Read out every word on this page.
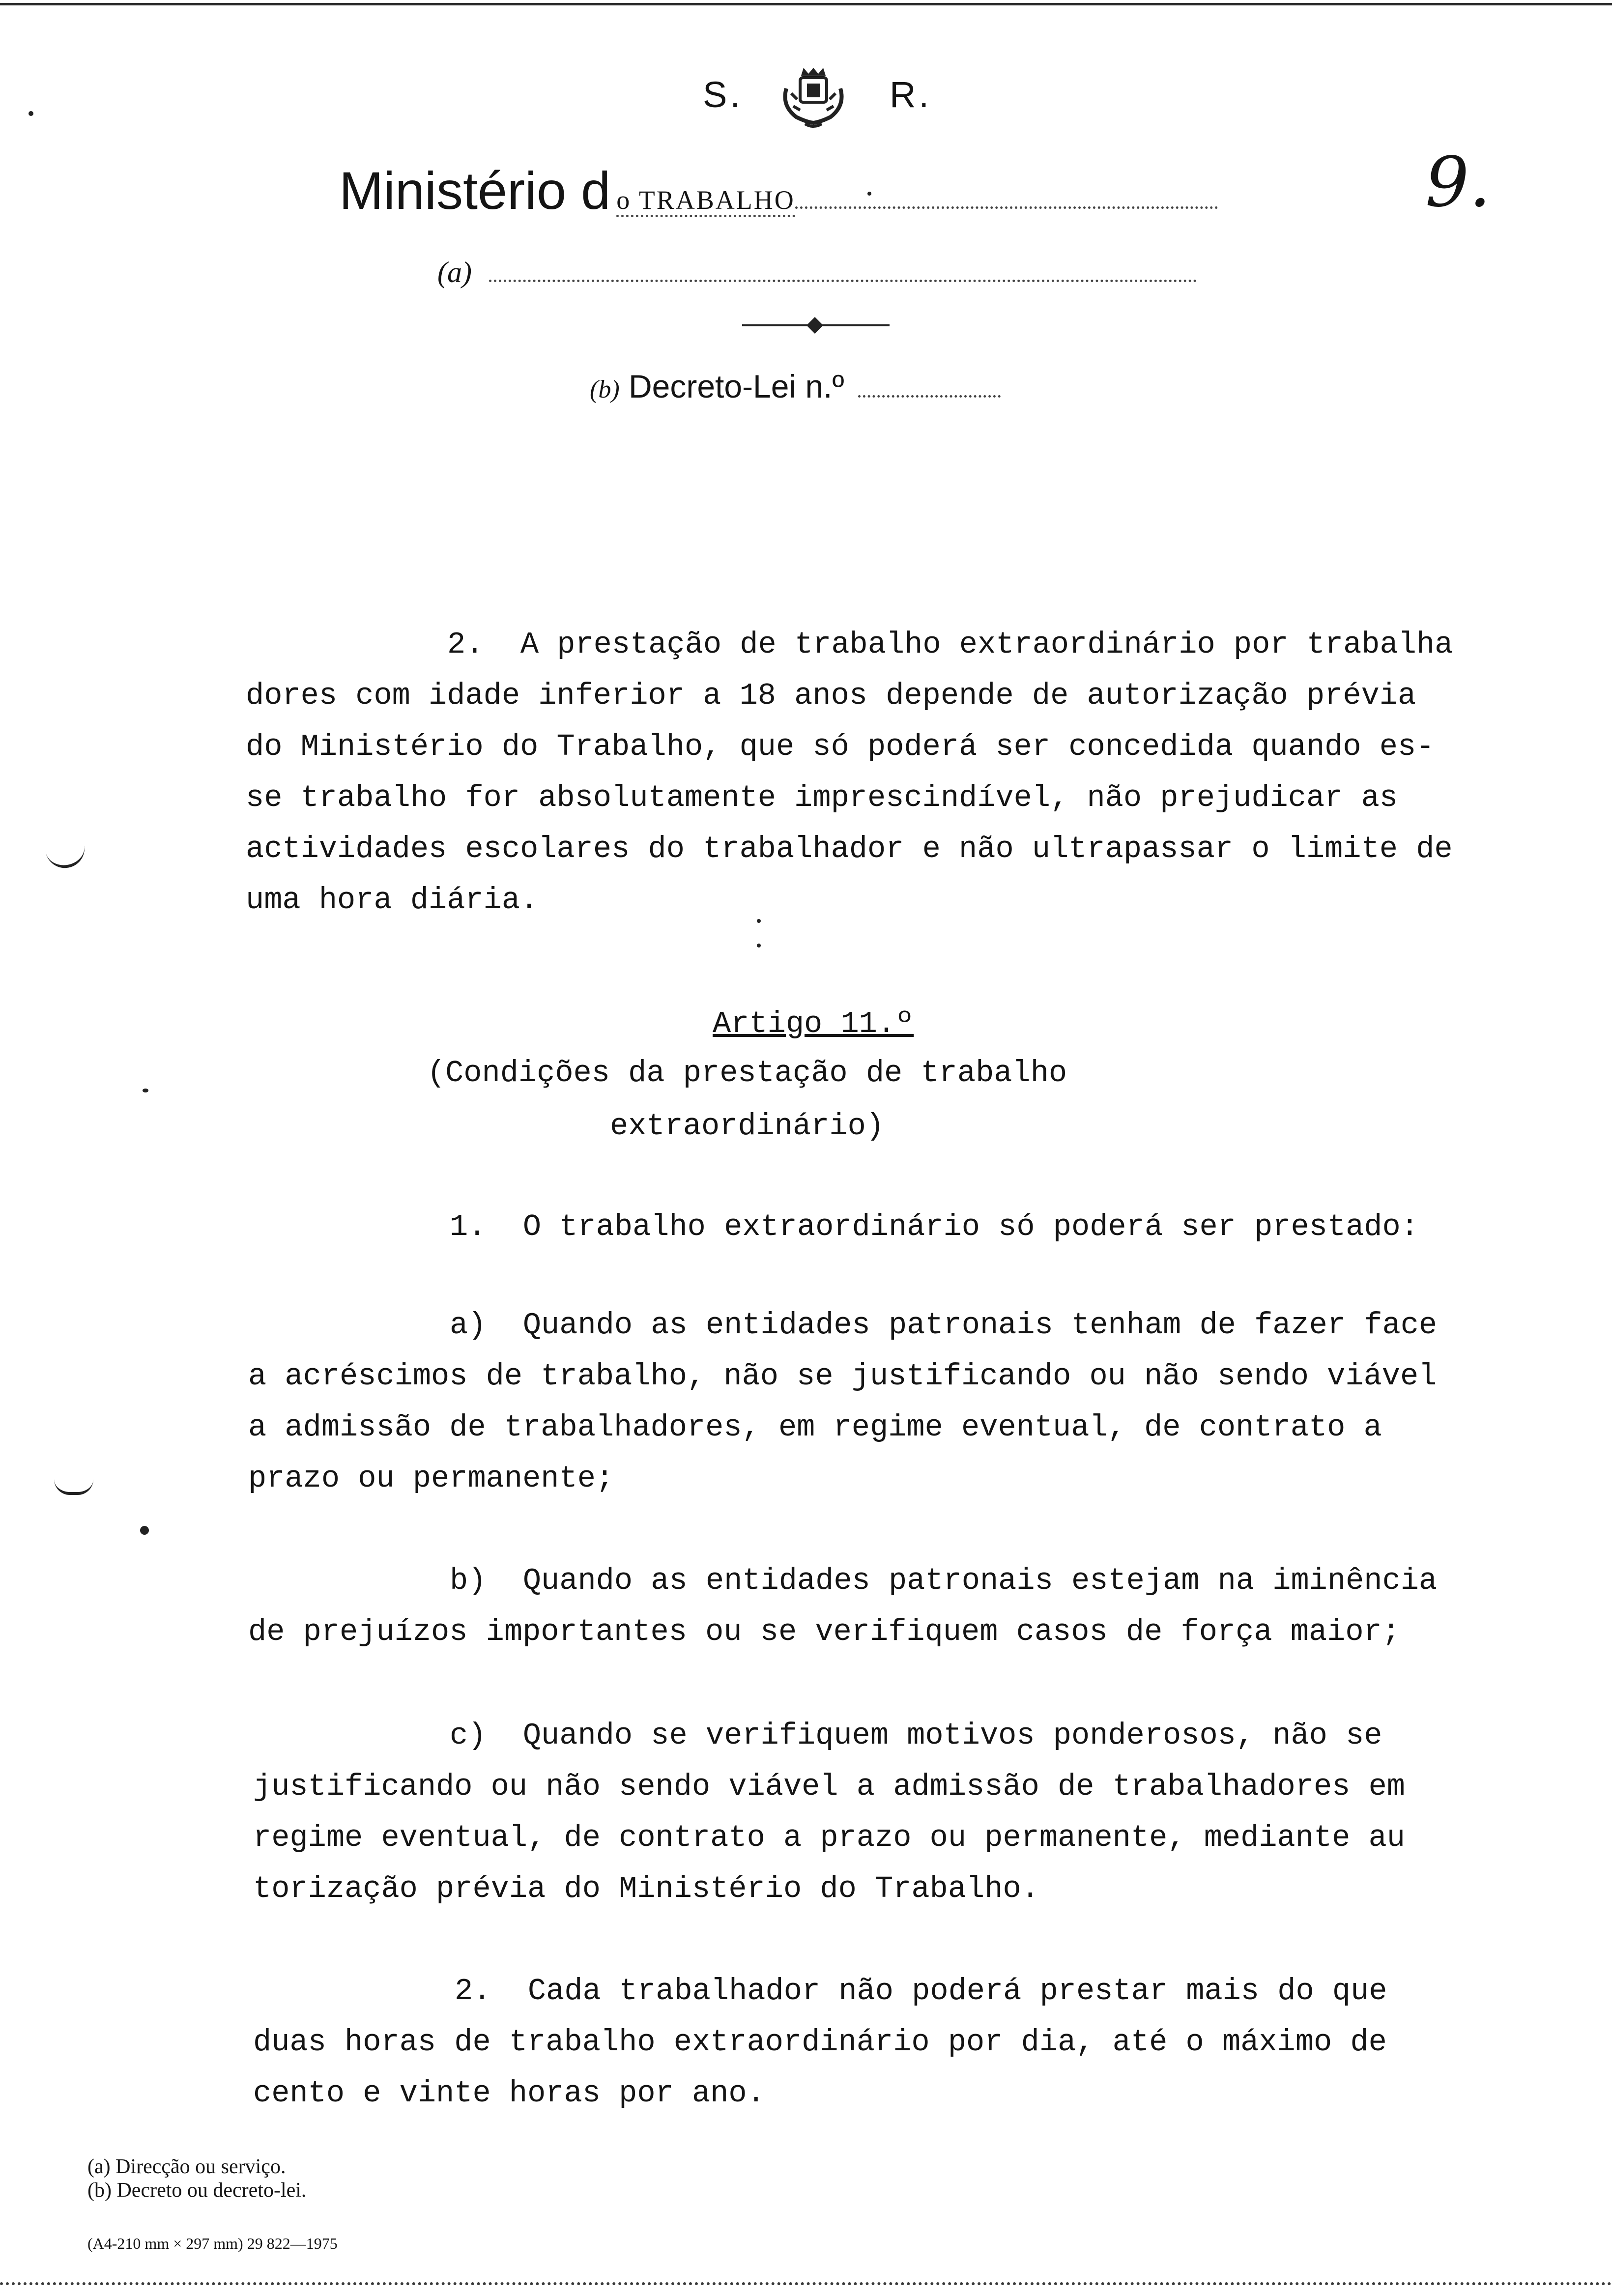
S.	R.
Ministério d o TRABALHO
(a)
(b) Decreto-Lei n.º
9.
2.  A prestação de trabalho extraordinário por trabalha
dores com idade inferior a 18 anos depende de autorização prévia
do Ministério do Trabalho, que só poderá ser concedida quando es-
se trabalho for absolutamente imprescindível, não prejudicar as
actividades escolares do trabalhador e não ultrapassar o limite de
uma hora diária.
Artigo 11.º
(Condições da prestação de trabalho
extraordinário)
1.  O trabalho extraordinário só poderá ser prestado:
a)  Quando as entidades patronais tenham de fazer face
a acréscimos de trabalho, não se justificando ou não sendo viável
a admissão de trabalhadores, em regime eventual, de contrato a
prazo ou permanente;
b)  Quando as entidades patronais estejam na iminência
de prejuízos importantes ou se verifiquem casos de força maior;
c)  Quando se verifiquem motivos ponderosos, não se
justificando ou não sendo viável a admissão de trabalhadores em
regime eventual, de contrato a prazo ou permanente, mediante au
torização prévia do Ministério do Trabalho.
2.  Cada trabalhador não poderá prestar mais do que
duas horas de trabalho extraordinário por dia, até o máximo de
cento e vinte horas por ano.
(a) Direcção ou serviço.
(b) Decreto ou decreto-lei.
(A4-210 mm × 297 mm) 29 822—1975
